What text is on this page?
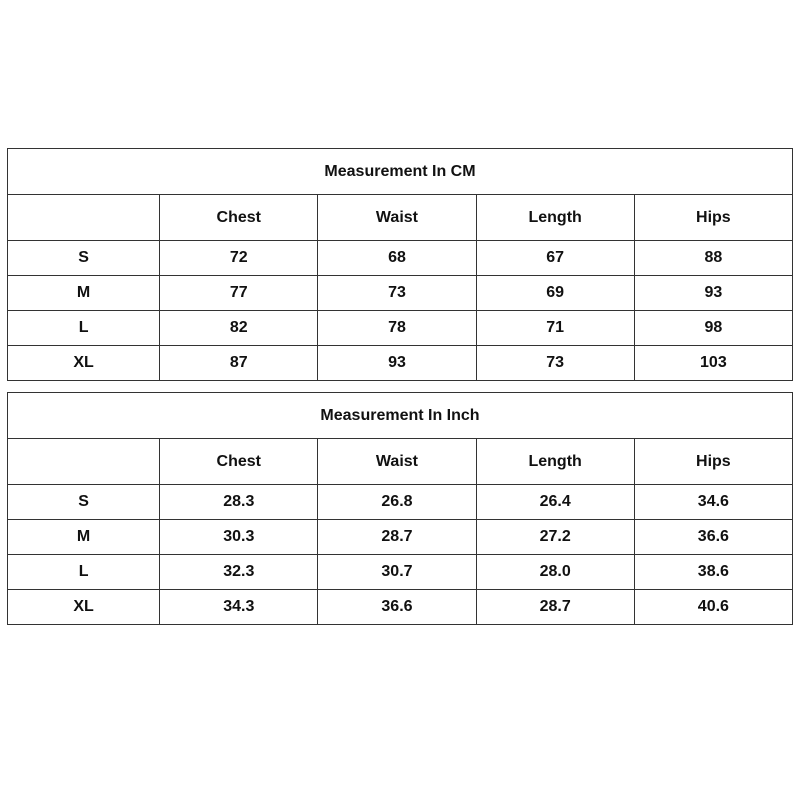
Measurement In CM				
	Chest	Waist	Length	Hips
S	72	68	67	88
M	77	73	69	93
L	82	78	71	98
XL	87	93	73	103
Measurement In Inch				
	Chest	Waist	Length	Hips
S	28.3	26.8	26.4	34.6
M	30.3	28.7	27.2	36.6
L	32.3	30.7	28.0	38.6
XL	34.3	36.6	28.7	40.6
